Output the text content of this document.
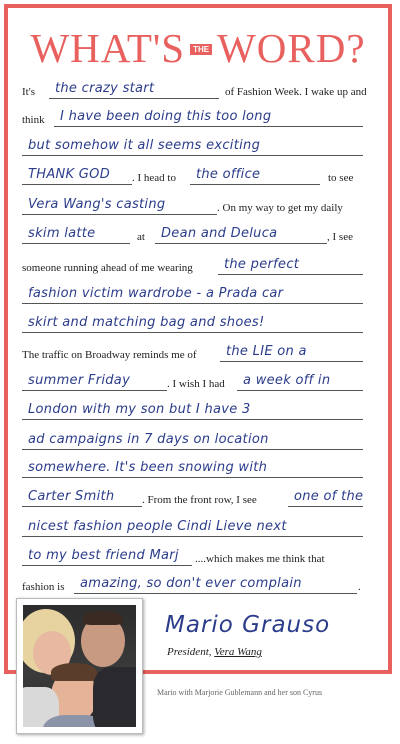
WHAT'S THE WORD?
It's	the crazy start	of Fashion Week. I wake up and
think	I have been doing this too long
but somehow it all seems exciting
THANK GOD	. I head to	the office	to see
Vera Wang's casting	. On my way to get my daily
skim latte	at	Dean and Deluca	, I see
someone running ahead of me wearing	the perfect
fashion victim wardrobe - a Prada car
skirt and matching bag and shoes!
The traffic on Broadway reminds me of	the LIE on a
summer Friday	. I wish I had	a week off in
London with my son but I have 3
ad campaigns in 7 days on location
somewhere. It's been snowing with
Carter Smith	. From the front row, I see	one of the
nicest fashion people Cindi Lieve next
to my best friend Marj	....which makes me think that
fashion is	amazing, so don't ever complain	.
Mario Grauso
President, Vera Wang
Mario with Marjorie Gublemann and her son Cyrus
